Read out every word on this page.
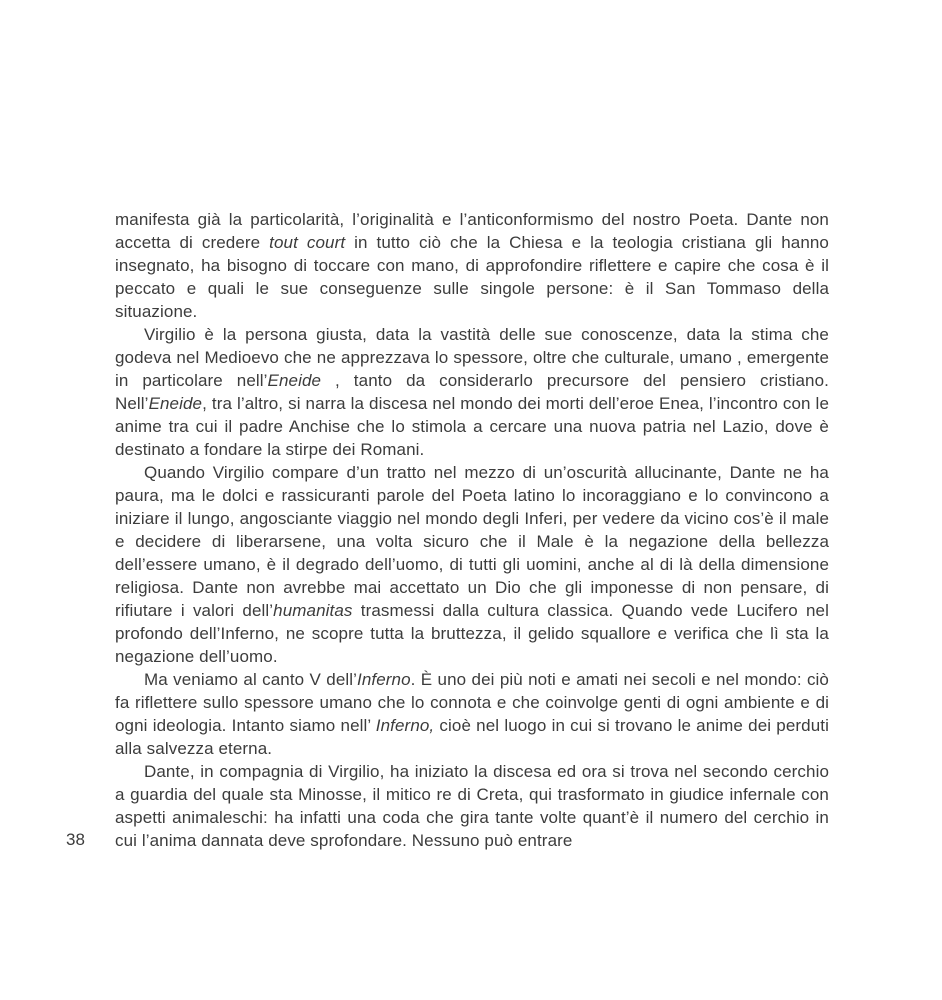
38

manifesta già la particolarità, l’originalità e l’anticonformismo del nostro Poeta. Dante non accetta di credere tout court in tutto ciò che la Chiesa e la teologia cristiana gli hanno insegnato, ha bisogno di toccare con mano, di approfondire riflettere e capire che cosa è il peccato e quali le sue conseguenze sulle singole persone: è il San Tommaso della situazione.

Virgilio è la persona giusta, data la vastità delle sue conoscenze, data la stima che godeva nel Medioevo che ne apprezzava lo spessore, oltre che culturale, umano , emergente in particolare nell’Eneide , tanto da considerarlo precursore del pensiero cristiano. Nell’Eneide, tra l’altro, si narra la discesa nel mondo dei morti dell’eroe Enea, l’incontro con le anime tra cui il padre Anchise che lo stimola a cercare una nuova patria nel Lazio, dove è destinato a fondare la stirpe dei Romani.

Quando Virgilio compare d’un tratto nel mezzo di un’oscurità allucinante, Dante ne ha paura, ma le dolci e rassicuranti parole del Poeta latino lo incoraggiano e lo convincono a iniziare il lungo, angosciante viaggio nel mondo degli Inferi, per vedere da vicino cos’è il male e decidere di liberarsene, una volta sicuro che il Male è la negazione della bellezza dell’essere umano, è il degrado dell’uomo, di tutti gli uomini, anche al di là della dimensione religiosa. Dante non avrebbe mai accettato un Dio che gli imponesse di non pensare, di rifiutare i valori dell’humanitas trasmessi dalla cultura classica. Quando vede Lucifero nel profondo dell’Inferno, ne scopre tutta la bruttezza, il gelido squallore e verifica che lì sta la negazione dell’uomo.

Ma veniamo al canto V dell’Inferno. È uno dei più noti e amati nei secoli e nel mondo: ciò fa riflettere sullo spessore umano che lo connota e che coinvolge genti di ogni ambiente e di ogni ideologia. Intanto siamo nell’ Inferno, cioè nel luogo in cui si trovano le anime dei perduti alla salvezza eterna.

Dante, in compagnia di Virgilio, ha iniziato la discesa ed ora si trova nel secondo cerchio a guardia del quale sta Minosse, il mitico re di Creta, qui trasformato in giudice infernale con aspetti animaleschi: ha infatti una coda che gira tante volte quant’è il numero del cerchio in cui l’anima dannata deve sprofondare. Nessuno può entrare
